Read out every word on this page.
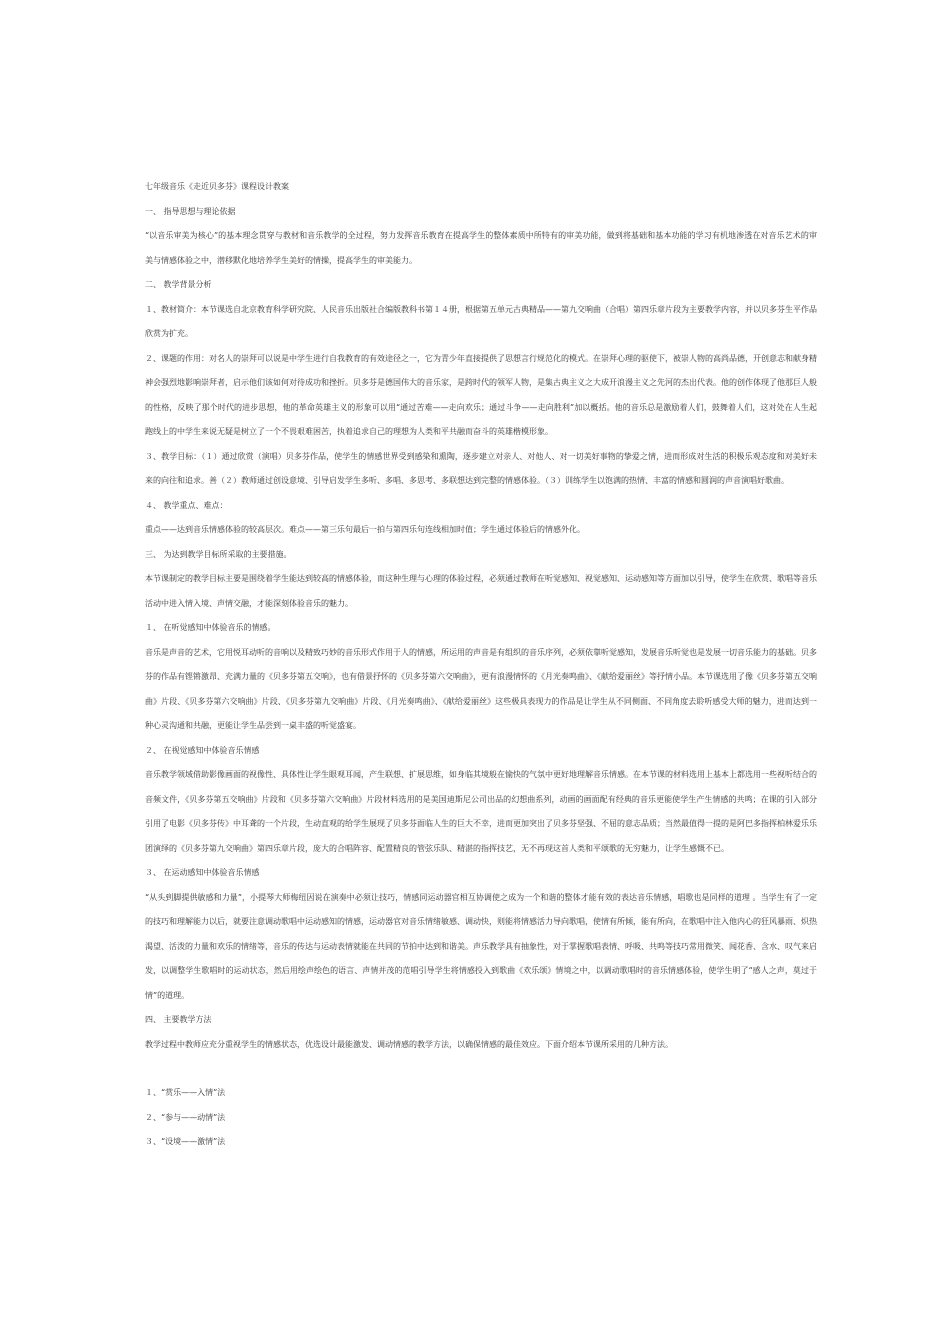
七年级音乐《走近贝多芬》课程设计教案

一、 指导思想与理论依据

“以音乐审美为核心”的基本理念贯穿与教材和音乐教学的全过程，努力发挥音乐教育在提高学生的整体素质中所特有的审美功能，做到将基础和基本功能的学习有机地渗透在对音乐艺术的审美与情感体验之中，潜移默化地培养学生美好的情操，提高学生的审美能力。

二、 教学背景分析

１、教材简介：本节课选自北京教育科学研究院、人民音乐出版社合编版教科书第１４册，根据第五单元古典精品——第九交响曲（合唱）第四乐章片段为主要教学内容，并以贝多芬生平作品欣赏为扩充。

２、课题的作用：对名人的崇拜可以说是中学生进行自我教育的有效途径之一，它为青少年直接提供了思想言行规范化的模式。在崇拜心理的驱使下，被崇人物的高尚品德，开创意志和献身精神会强烈地影响崇拜者，启示他们该如何对待成功和挫折。贝多芬是德国伟大的音乐家，是跨时代的领军人物，是集古典主义之大成开浪漫主义之先河的杰出代表。他的创作体现了他那巨人般的性格，反映了那个时代的进步思想，他的革命英雄主义的形象可以用“通过苦难——走向欢乐；通过斗争——走向胜利”加以概括。他的音乐总是激励着人们，鼓舞着人们，这对处在人生起跑线上的中学生来说无疑是树立了一个不畏艰难困苦，执着追求自己的理想为人类和平共融而奋斗的英雄楷模形象。

３、教学目标：（１）通过欣赏（演唱）贝多芬作品，使学生的情感世界受到感染和熏陶，逐步建立对亲人、对他人、对一切美好事物的挚爱之情，进而形成对生活的积极乐观态度和对美好未来的向往和追求。善（２）教师通过创设意境、引导启发学生多听、多唱、多思考、多联想达到完整的情感体验。（３）训练学生以饱满的热情、丰富的情感和圆润的声音演唱好歌曲。

４、 教学重点、难点：

重点——达到音乐情感体验的较高层次。难点——第三乐句最后一拍与第四乐句连线相加时值；学生通过体验后的情感外化。

三、 为达到教学目标所采取的主要措施。

本节课制定的教学目标主要是围绕着学生能达到较高的情感体验，而这种生理与心理的体验过程，必须通过教师在听觉感知、视觉感知、运动感知等方面加以引导，使学生在欣赏、歌唱等音乐活动中进入情入境、声情交融，才能深刻体验音乐的魅力。

１、 在听觉感知中体验音乐的情感。

音乐是声音的艺术，它用悦耳动听的音响以及精致巧妙的音乐形式作用于人的情感，所运用的声音是有组织的音乐序列，必须依靠听觉感知，发展音乐听觉也是发展一切音乐能力的基础。贝多芬的作品有铿锵激昂、充满力量的《贝多芬第五交响》，也有借景抒怀的《贝多芬第六交响曲》，更有浪漫情怀的《月光奏鸣曲》、《献给爱丽丝》等抒情小品。本节课选用了像《贝多芬第五交响曲》片段、《贝多芬第六交响曲》片段、《贝多芬第九交响曲》片段、《月光奏鸣曲》、《献给爱丽丝》这些极具表现力的作品是让学生从不同侧面、不同角度去聆听感受大师的魅力，进而达到一种心灵沟通和共融，更能让学生品尝到一桌丰盛的听觉盛宴。

２、 在视觉感知中体验音乐情感

音乐教学领域借助影像画面的视像性、具体性让学生眼观耳闻，产生联想、扩展思维，如身临其境般在愉快的气氛中更好地理解音乐情感。在本节课的材料选用上基本上都选用一些视听结合的音频文件，《贝多芬第五交响曲》片段和《贝多芬第六交响曲》片段材料选用的是美国迪斯尼公司出品的幻想曲系列，动画的画面配有经典的音乐更能使学生产生情感的共鸣；在课的引入部分引用了电影《贝多芬传》中耳聋的一个片段，生动直观的给学生展现了贝多芬面临人生的巨大不幸，进而更加突出了贝多芬坚强、不屈的意志品质；当然最值得一提的是阿巴多指挥柏林爱乐乐团演绎的《贝多芬第九交响曲》第四乐章片段，庞大的合唱阵容、配置精良的管弦乐队、精湛的指挥技艺，无不再现这首人类和平颂歌的无穷魅力，让学生感慨不已。

３、 在运动感知中体验音乐情感

“从头到脚提供敏感和力量”，小提琴大师梅纽因说在演奏中必须让技巧，情感同运动器官相互协调使之成为一个和谐的整体才能有效的表达音乐情感，唱歌也是同样的道理 。当学生有了一定的技巧和理解能力以后，就要注意调动歌唱中运动感知的情感，运动器官对音乐情绪敏感、调动快，则能将情感活力导向歌唱，使情有所倾，能有所向，在歌唱中注入他内心的狂风暴雨、炽热渴望、活泼的力量和欢乐的情绪等，音乐的传达与运动表情就能在共同的节拍中达到和谐美。声乐教学具有抽象性，对于掌握歌唱表情、呼吸、共鸣等技巧常用微笑、闻花香、含水、叹气来启发，以调整学生歌唱时的运动状态，然后用绘声绘色的语言、声情并茂的范唱引导学生将情感投入到歌曲《欢乐颂》情境之中，以调动歌唱时的音乐情感体验，使学生明了“感人之声，莫过于情”的道理。

四、 主要教学方法

教学过程中教师应充分重视学生的情感状态，优选设计最能激发、调动情感的教学方法，以确保情感的最佳效应。下面介绍本节课所采用的几种方法。

１、“赏乐——入情”法

２、“参与——动情”法

３、“设境——激情”法
